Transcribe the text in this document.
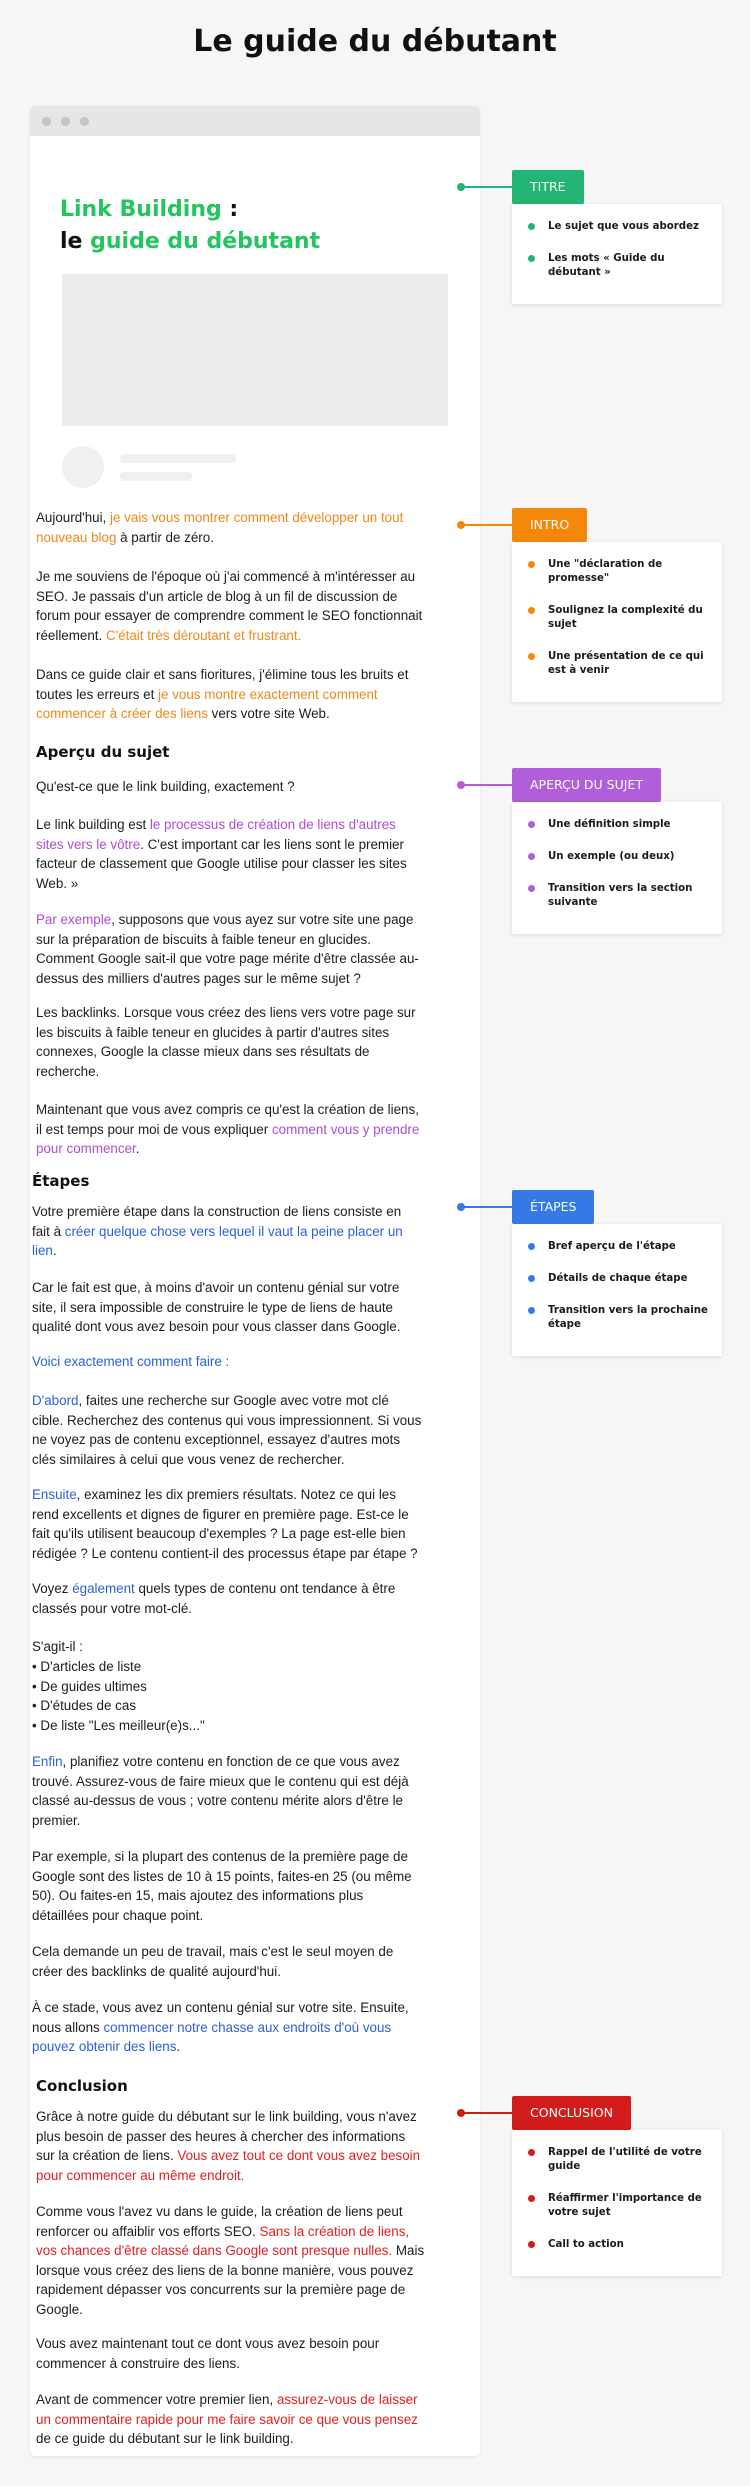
Le guide du débutant
Link Building :
le guide du débutant
Aujourd'hui, je vais vous montrer comment développer un tout nouveau blog à partir de zéro.
Je me souviens de l'époque où j'ai commencé à m'intéresser au SEO. Je passais d'un article de blog à un fil de discussion de forum pour essayer de comprendre comment le SEO fonctionnait réellement. C'était très déroutant et frustrant.
Dans ce guide clair et sans fioritures, j'élimine tous les bruits et toutes les erreurs et je vous montre exactement comment commencer à créer des liens vers votre site Web.
Aperçu du sujet
Qu'est-ce que le link building, exactement ?
Le link building est le processus de création de liens d'autres sites vers le vôtre. C'est important car les liens sont le premier facteur de classement que Google utilise pour classer les sites Web. »
Par exemple, supposons que vous ayez sur votre site une page sur la préparation de biscuits à faible teneur en glucides. Comment Google sait-il que votre page mérite d'être classée au-dessus des milliers d'autres pages sur le même sujet ?
Les backlinks. Lorsque vous créez des liens vers votre page sur les biscuits à faible teneur en glucides à partir d'autres sites connexes, Google la classe mieux dans ses résultats de recherche.
Maintenant que vous avez compris ce qu'est la création de liens, il est temps pour moi de vous expliquer comment vous y prendre pour commencer.
Étapes
Votre première étape dans la construction de liens consiste en fait à créer quelque chose vers lequel il vaut la peine placer un lien.
Car le fait est que, à moins d'avoir un contenu génial sur votre site, il sera impossible de construire le type de liens de haute qualité dont vous avez besoin pour vous classer dans Google.
Voici exactement comment faire :
D'abord, faites une recherche sur Google avec votre mot clé cible. Recherchez des contenus qui vous impressionnent. Si vous ne voyez pas de contenu exceptionnel, essayez d'autres mots clés similaires à celui que vous venez de rechercher.
Ensuite, examinez les dix premiers résultats. Notez ce qui les rend excellents et dignes de figurer en première page. Est-ce le fait qu'ils utilisent beaucoup d'exemples ? La page est-elle bien rédigée ? Le contenu contient-il des processus étape par étape ?
Voyez également quels types de contenu ont tendance à être classés pour votre mot-clé.
S'agit-il :
• D'articles de liste
• De guides ultimes
• D'études de cas
• De liste "Les meilleur(e)s..."
Enfin, planifiez votre contenu en fonction de ce que vous avez trouvé. Assurez-vous de faire mieux que le contenu qui est déjà classé au-dessus de vous ; votre contenu mérite alors d'être le premier.
Par exemple, si la plupart des contenus de la première page de Google sont des listes de 10 à 15 points, faites-en 25 (ou même 50). Ou faites-en 15, mais ajoutez des informations plus détaillées pour chaque point.
Cela demande un peu de travail, mais c'est le seul moyen de créer des backlinks de qualité aujourd'hui.
À ce stade, vous avez un contenu génial sur votre site. Ensuite, nous allons commencer notre chasse aux endroits d'où vous pouvez obtenir des liens.
Conclusion
Grâce à notre guide du débutant sur le link building, vous n'avez plus besoin de passer des heures à chercher des informations sur la création de liens. Vous avez tout ce dont vous avez besoin pour commencer au même endroit.
Comme vous l'avez vu dans le guide, la création de liens peut renforcer ou affaiblir vos efforts SEO. Sans la création de liens, vos chances d'être classé dans Google sont presque nulles. Mais lorsque vous créez des liens de la bonne manière, vous pouvez rapidement dépasser vos concurrents sur la première page de Google.
Vous avez maintenant tout ce dont vous avez besoin pour commencer à construire des liens.
Avant de commencer votre premier lien, assurez-vous de laisser un commentaire rapide pour me faire savoir ce que vous pensez de ce guide du débutant sur le link building.
TITRE
Le sujet que vous abordez
Les mots « Guide du débutant »
INTRO
Une "déclaration de promesse"
Soulignez la complexité du sujet
Une présentation de ce qui est à venir
APERÇU DU SUJET
Une définition simple
Un exemple (ou deux)
Transition vers la section suivante
ÉTAPES
Bref aperçu de l'étape
Détails de chaque étape
Transition vers la prochaine étape
CONCLUSION
Rappel de l'utilité de votre guide
Réaffirmer l'importance de votre sujet
Call to action
